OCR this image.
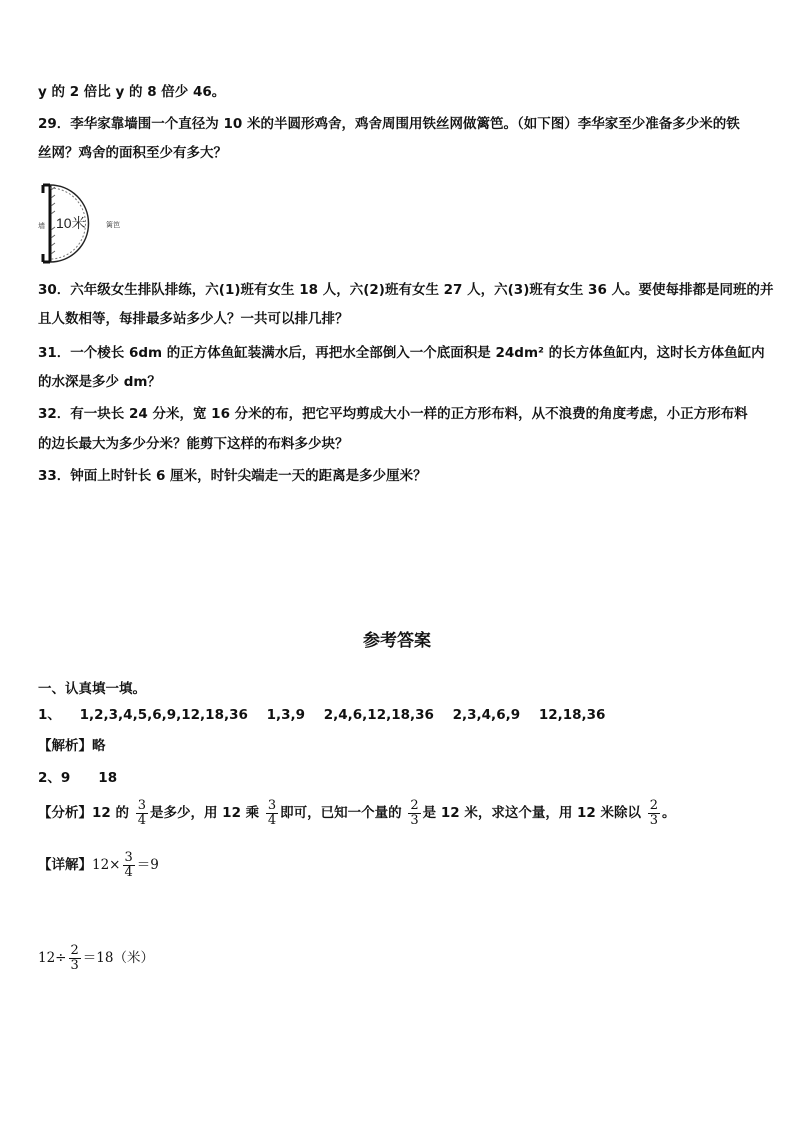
y 的 2 倍比 y 的 8 倍少 46。
29．李华家靠墙围一个直径为 10 米的半圆形鸡舍，鸡舍周围用铁丝网做篱笆。（如下图）李华家至少准备多少米的铁
丝网？鸡舍的面积至少有多大？
10米
墙	篱笆
30．六年级女生排队排练，六(1)班有女生 18 人，六(2)班有女生 27 人，六(3)班有女生 36 人。要使每排都是同班的并
且人数相等，每排最多站多少人？一共可以排几排？
31．一个棱长 6dm 的正方体鱼缸装满水后，再把水全部倒入一个底面积是 24dm² 的长方体鱼缸内，这时长方体鱼缸内
的水深是多少 dm？
32．有一块长 24 分米，宽 16 分米的布，把它平均剪成大小一样的正方形布料，从不浪费的角度考虑，小正方形布料
的边长最大为多少分米？能剪下这样的布料多少块？
33．钟面上时针长 6 厘米，时针尖端走一天的距离是多少厘米？
参考答案
一、认真填一填。
1、 1,2,3,4,5,6,9,12,18,36 1,3,9 2,4,6,12,18,36 2,3,4,6,9 12,18,36
【解析】略
2、9 18
【分析】12 的 $\frac{3}{4}$ 是多少，用 12 乘 $\frac{3}{4}$ 即可，已知一个量的 $\frac{2}{3}$ 是 12 米，求这个量，用 12 米除以 $\frac{2}{3}$ 。
【详解】$12\times \frac{3}{4} =9$
$12\div \frac{2}{3} =18$（米）
